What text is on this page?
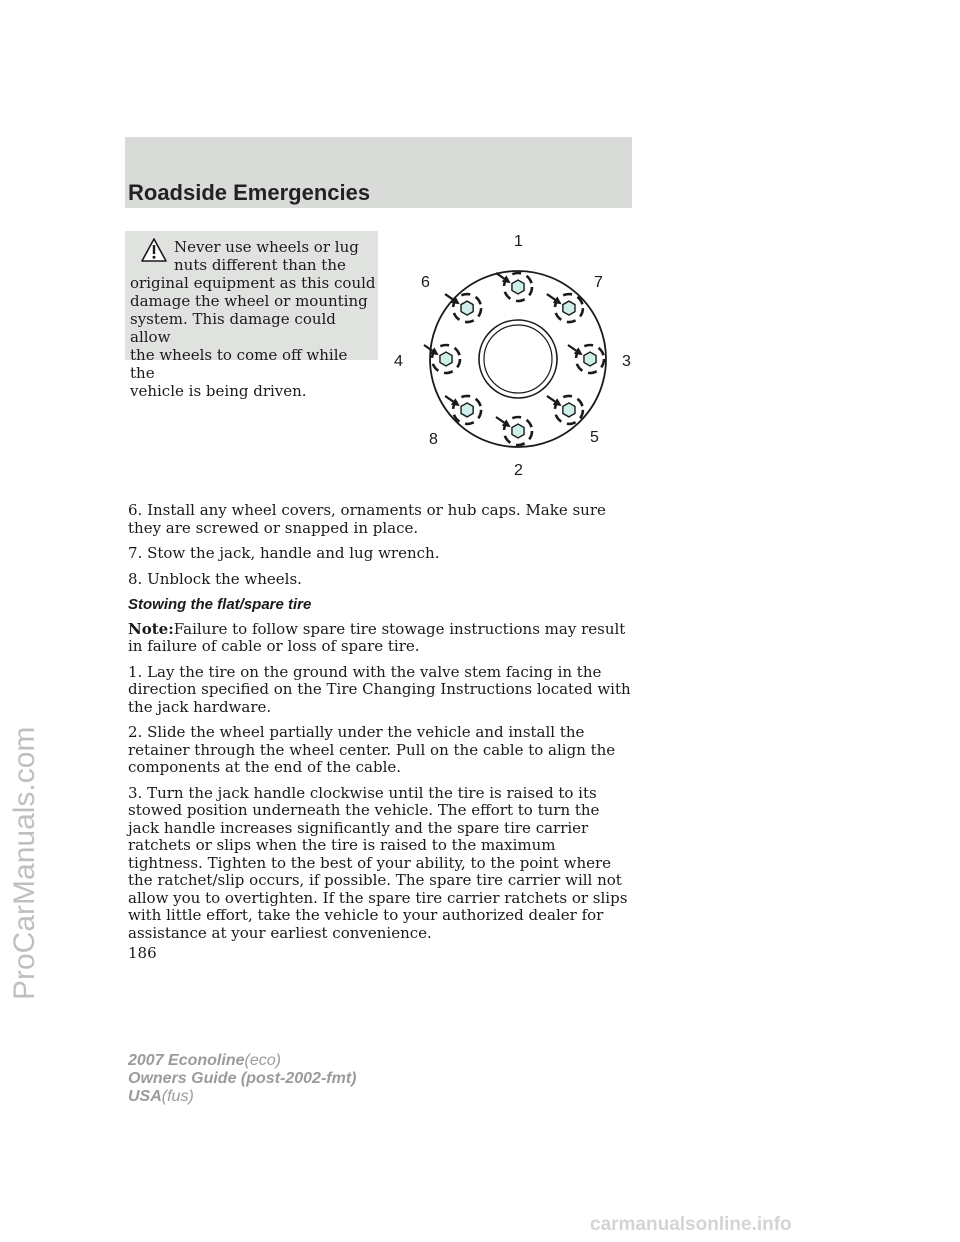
Roadside Emergencies
Never use wheels or lug
nuts different than the
original equipment as this could
damage the wheel or mounting
system. This damage could allow
the wheels to come off while the
vehicle is being driven.
1
2
3
4
5
6	7
8

6. Install any wheel covers, ornaments or hub caps. Make sure they are screwed or snapped in place.

7. Stow the jack, handle and lug wrench.

8. Unblock the wheels.

Stowing the flat/spare tire

Note:Failure to follow spare tire stowage instructions may result in failure of cable or loss of spare tire.

1. Lay the tire on the ground with the valve stem facing in the direction specified on the Tire Changing Instructions located with the jack hardware.

2. Slide the wheel partially under the vehicle and install the retainer through the wheel center. Pull on the cable to align the components at the end of the cable.

3. Turn the jack handle clockwise until the tire is raised to its stowed position underneath the vehicle. The effort to turn the jack handle increases significantly and the spare tire carrier ratchets or slips when the tire is raised to the maximum tightness. Tighten to the best of your ability, to the point where the ratchet/slip occurs, if possible. The spare tire carrier will not allow you to overtighten. If the spare tire carrier ratchets or slips with little effort, take the vehicle to your authorized dealer for assistance at your earliest convenience.

186
2007 Econoline(eco)
Owners Guide (post-2002-fmt)
USA(fus)
ProCarManuals.com
carmanualsonline.info
